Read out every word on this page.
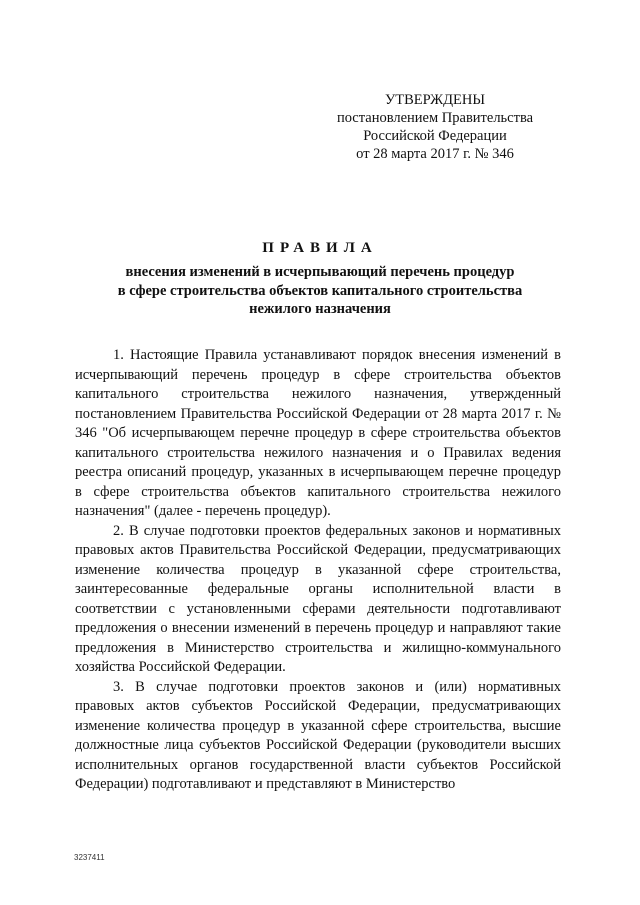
УТВЕРЖДЕНЫ
постановлением Правительства
Российской Федерации
от 28 марта 2017 г. № 346
ПРАВИЛА
внесения изменений в исчерпывающий перечень процедур
в сфере строительства объектов капитального строительства
нежилого назначения

1. Настоящие Правила устанавливают порядок внесения изменений в исчерпывающий перечень процедур в сфере строительства объектов капитального строительства нежилого назначения, утвержденный постановлением Правительства Российской Федерации от 28 марта 2017 г. № 346 "Об исчерпывающем перечне процедур в сфере строительства объектов капитального строительства нежилого назначения и о Правилах ведения реестра описаний процедур, указанных в исчерпывающем перечне процедур в сфере строительства объектов капитального строительства нежилого назначения" (далее - перечень процедур).

2. В случае подготовки проектов федеральных законов и нормативных правовых актов Правительства Российской Федерации, предусматривающих изменение количества процедур в указанной сфере строительства, заинтересованные федеральные органы исполнительной власти в соответствии с установленными сферами деятельности подготавливают предложения о внесении изменений в перечень процедур и направляют такие предложения в Министерство строительства и жилищно-коммунального хозяйства Российской Федерации.

3. В случае подготовки проектов законов и (или) нормативных правовых актов субъектов Российской Федерации, предусматривающих изменение количества процедур в указанной сфере строительства, высшие должностные лица субъектов Российской Федерации (руководители высших исполнительных органов государственной власти субъектов Российской Федерации) подготавливают и представляют в Министерство

3237411
